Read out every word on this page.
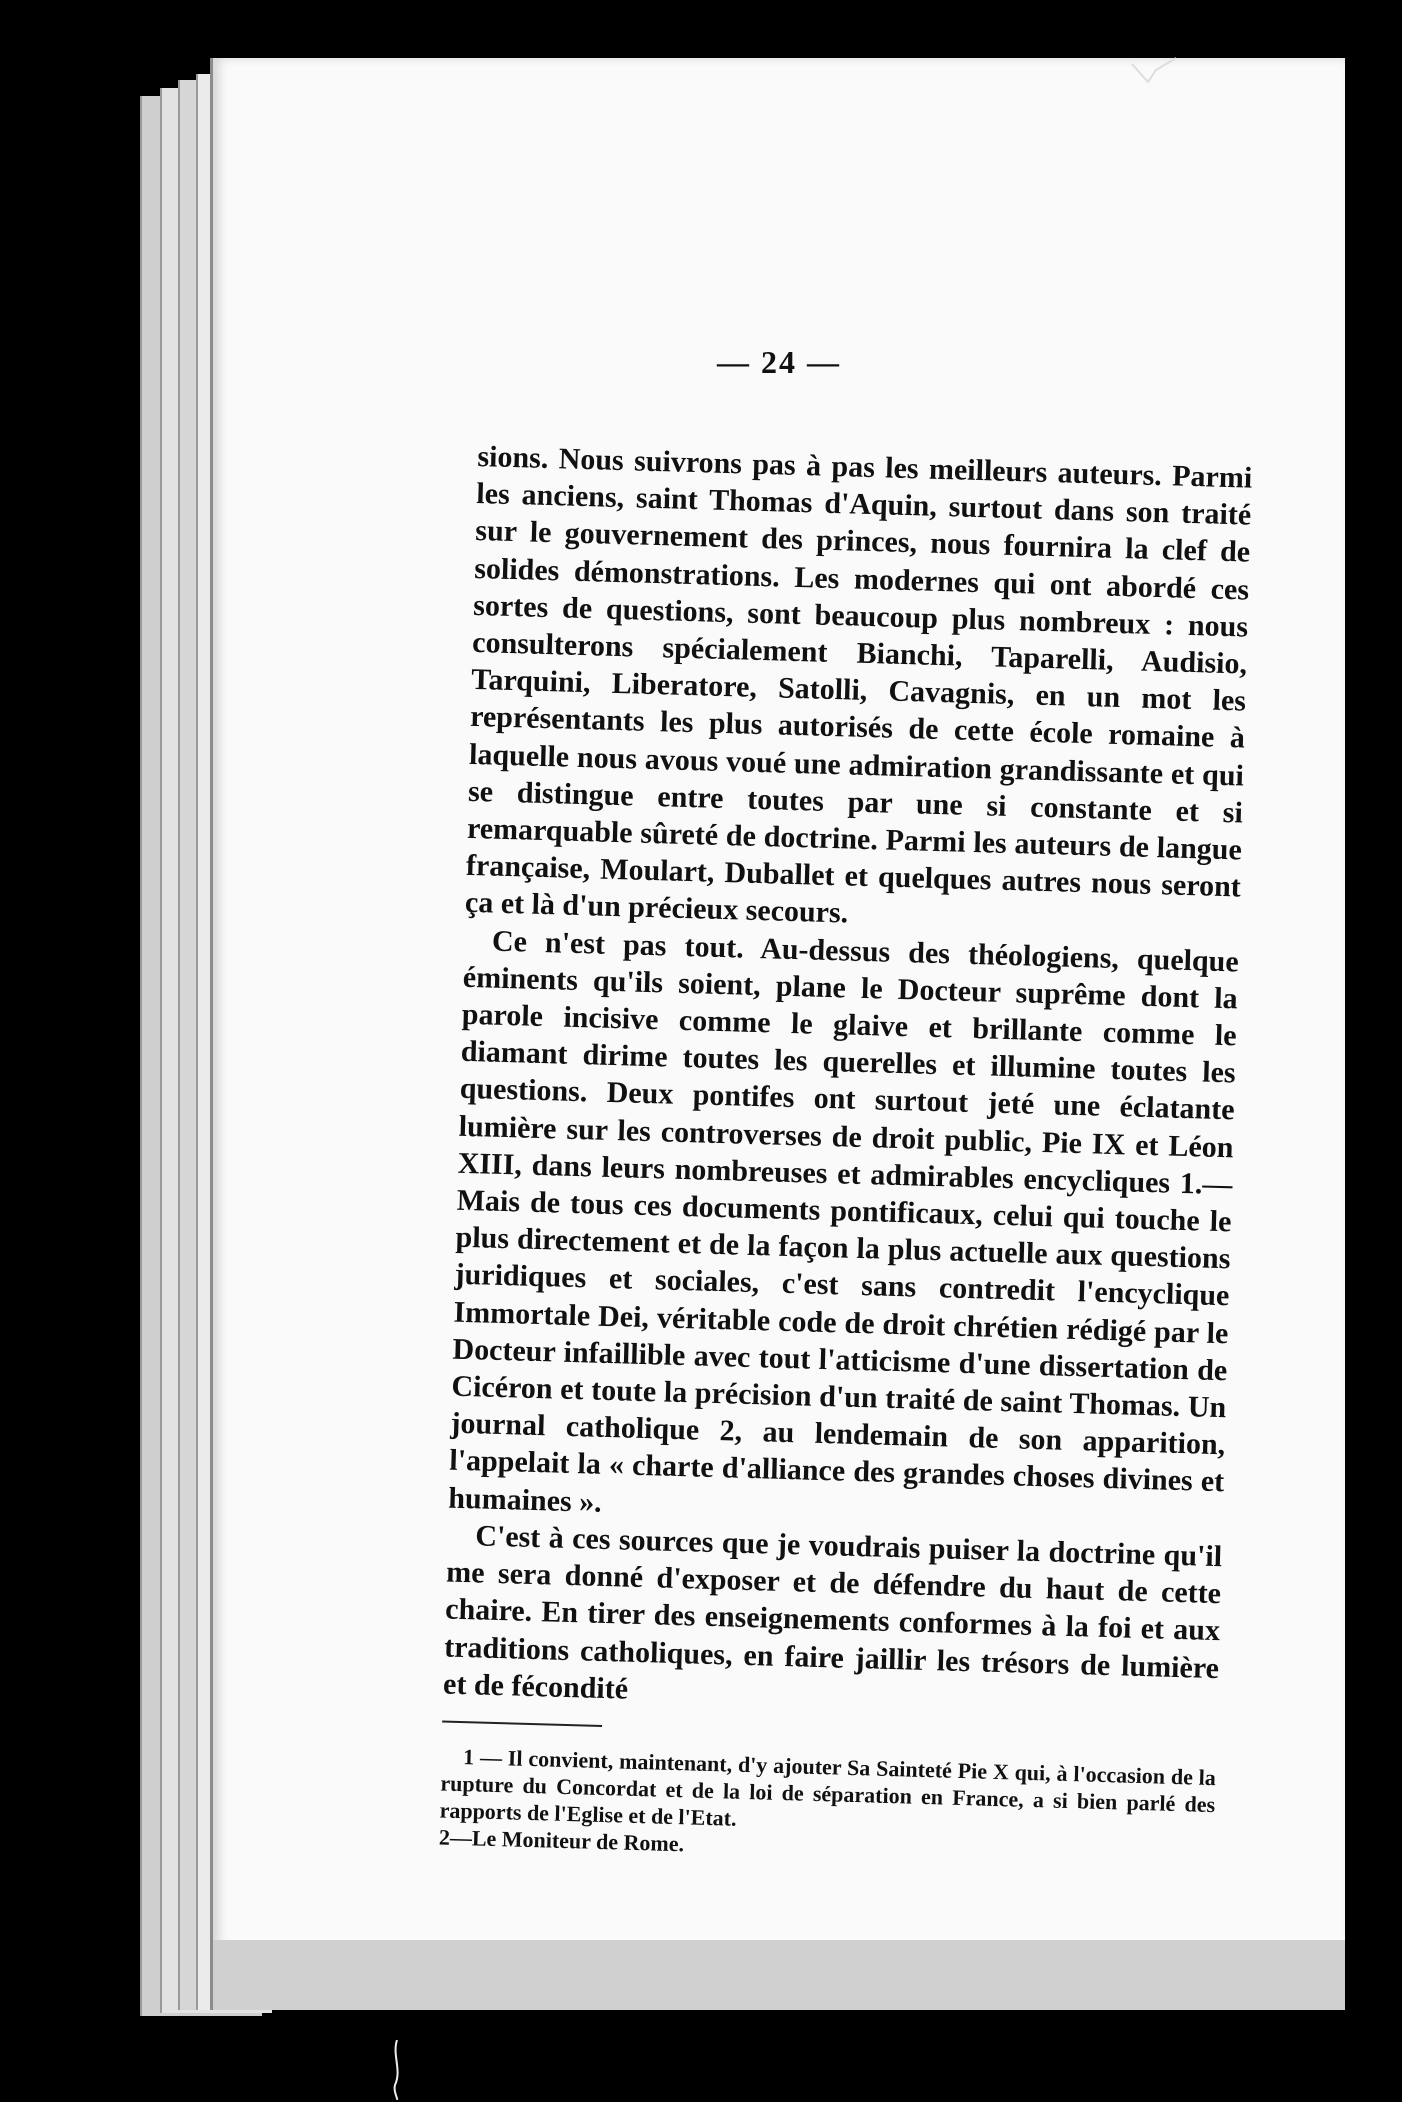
— 24 —

sions. Nous suivrons pas à pas les meilleurs auteurs. Parmi les anciens, saint Thomas d'Aquin, surtout dans son traité sur le gouvernement des princes, nous fournira la clef de solides démonstrations. Les modernes qui ont abordé ces sortes de questions, sont beaucoup plus nombreux : nous consulterons spécialement Bianchi, Taparelli, Audisio, Tarquini, Liberatore, Satolli, Cavagnis, en un mot les représentants les plus autorisés de cette école romaine à laquelle nous avous voué une admiration grandissante et qui se distingue entre toutes par une si constante et si remarquable sûreté de doctrine. Parmi les auteurs de langue française, Moulart, Duballet et quelques autres nous seront ça et là d'un précieux secours.

Ce n'est pas tout. Au-dessus des théologiens, quelque éminents qu'ils soient, plane le Docteur suprême dont la parole incisive comme le glaive et brillante comme le diamant dirime toutes les querelles et illumine toutes les questions. Deux pontifes ont surtout jeté une éclatante lumière sur les controverses de droit public, Pie IX et Léon XIII, dans leurs nombreuses et admirables encycliques 1.—Mais de tous ces documents pontificaux, celui qui touche le plus directement et de la façon la plus actuelle aux questions juridiques et sociales, c'est sans contredit l'encyclique Immortale Dei, véritable code de droit chrétien rédigé par le Docteur infaillible avec tout l'atticisme d'une dissertation de Cicéron et toute la précision d'un traité de saint Thomas. Un journal catholique 2, au lendemain de son apparition, l'appelait la « charte d'alliance des grandes choses divines et humaines ».

C'est à ces sources que je voudrais puiser la doctrine qu'il me sera donné d'exposer et de défendre du haut de cette chaire. En tirer des enseignements conformes à la foi et aux traditions catholiques, en faire jaillir les trésors de lumière et de fécondité

1 — Il convient, maintenant, d'y ajouter Sa Sainteté Pie X qui, à l'occasion de la rupture du Concordat et de la loi de séparation en France, a si bien parlé des rapports de l'Eglise et de l'Etat.

2—Le Moniteur de Rome.
